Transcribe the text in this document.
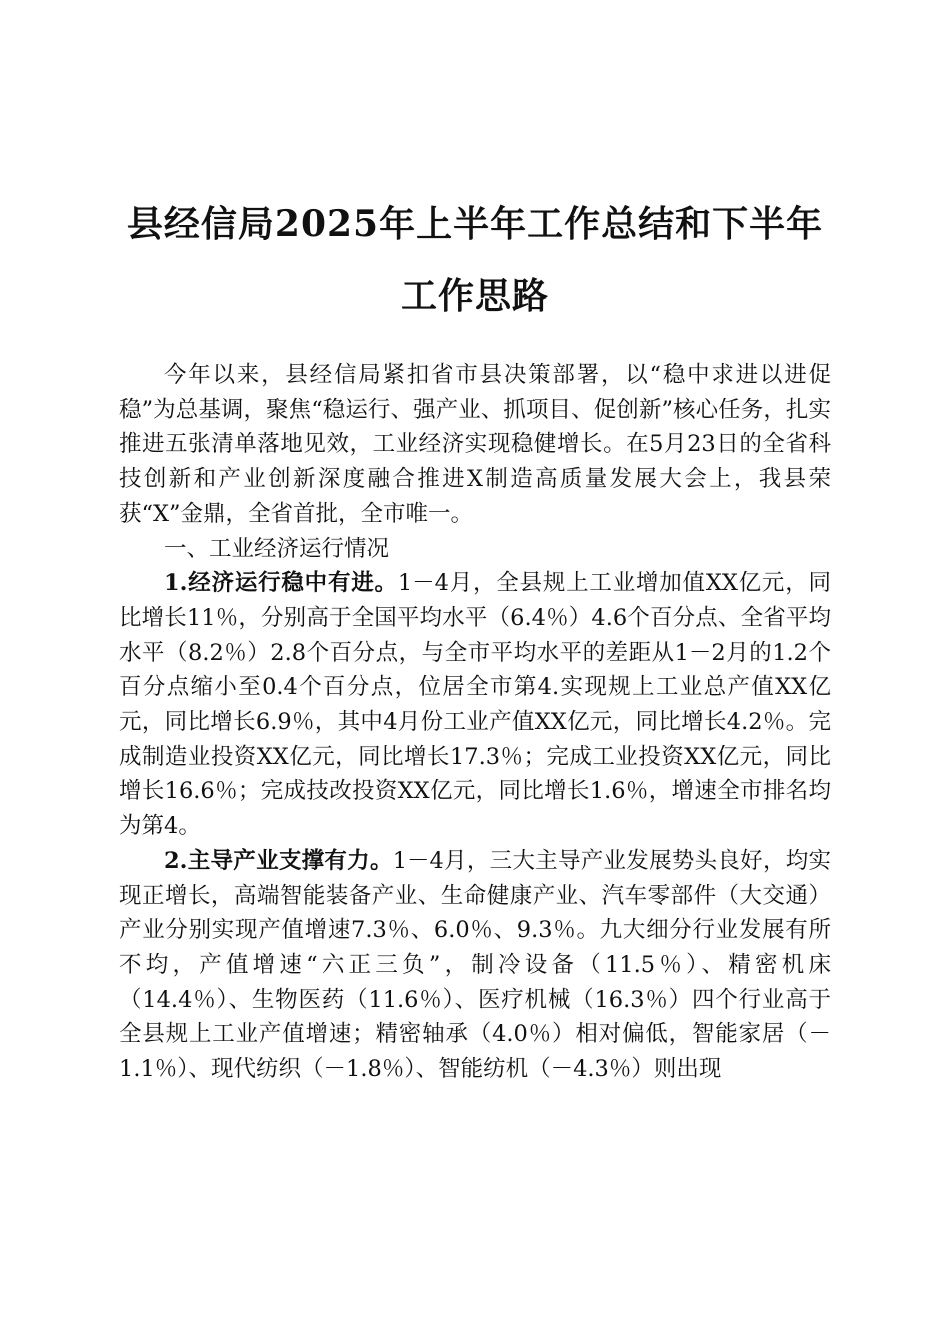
县经信局2025年上半年工作总结和下半年工作思路

今年以来，县经信局紧扣省市县决策部署，以“稳中求进以进促稳”为总基调，聚焦“稳运行、强产业、抓项目、促创新”核心任务，扎实推进五张清单落地见效，工业经济实现稳健增长。在5月23日的全省科技创新和产业创新深度融合推进X制造高质量发展大会上，我县荣获“X”金鼎，全省首批，全市唯一。

一、工业经济运行情况

1.经济运行稳中有进。1－4月，全县规上工业增加值XX亿元，同比增长11％，分别高于全国平均水平（6.4％）4.6个百分点、全省平均水平（8.2％）2.8个百分点，与全市平均水平的差距从1－2月的1.2个百分点缩小至0.4个百分点，位居全市第4.实现规上工业总产值XX亿元，同比增长6.9％，其中4月份工业产值XX亿元，同比增长4.2％。完成制造业投资XX亿元，同比增长17.3％；完成工业投资XX亿元，同比增长16.6％；完成技改投资XX亿元，同比增长1.6％，增速全市排名均为第4。

2.主导产业支撑有力。1－4月，三大主导产业发展势头良好，均实现正增长，高端智能装备产业、生命健康产业、汽车零部件（大交通）产业分别实现产值增速7.3％、6.0％、9.3％。九大细分行业发展有所不均，产值增速“六正三负”，制冷设备（11.5％）、精密机床（14.4％）、生物医药（11.6％）、医疗机械（16.3％）四个行业高于全县规上工业产值增速；精密轴承（4.0％）相对偏低，智能家居（－1.1％）、现代纺织（－1.8％）、智能纺机（－4.3％）则出现
